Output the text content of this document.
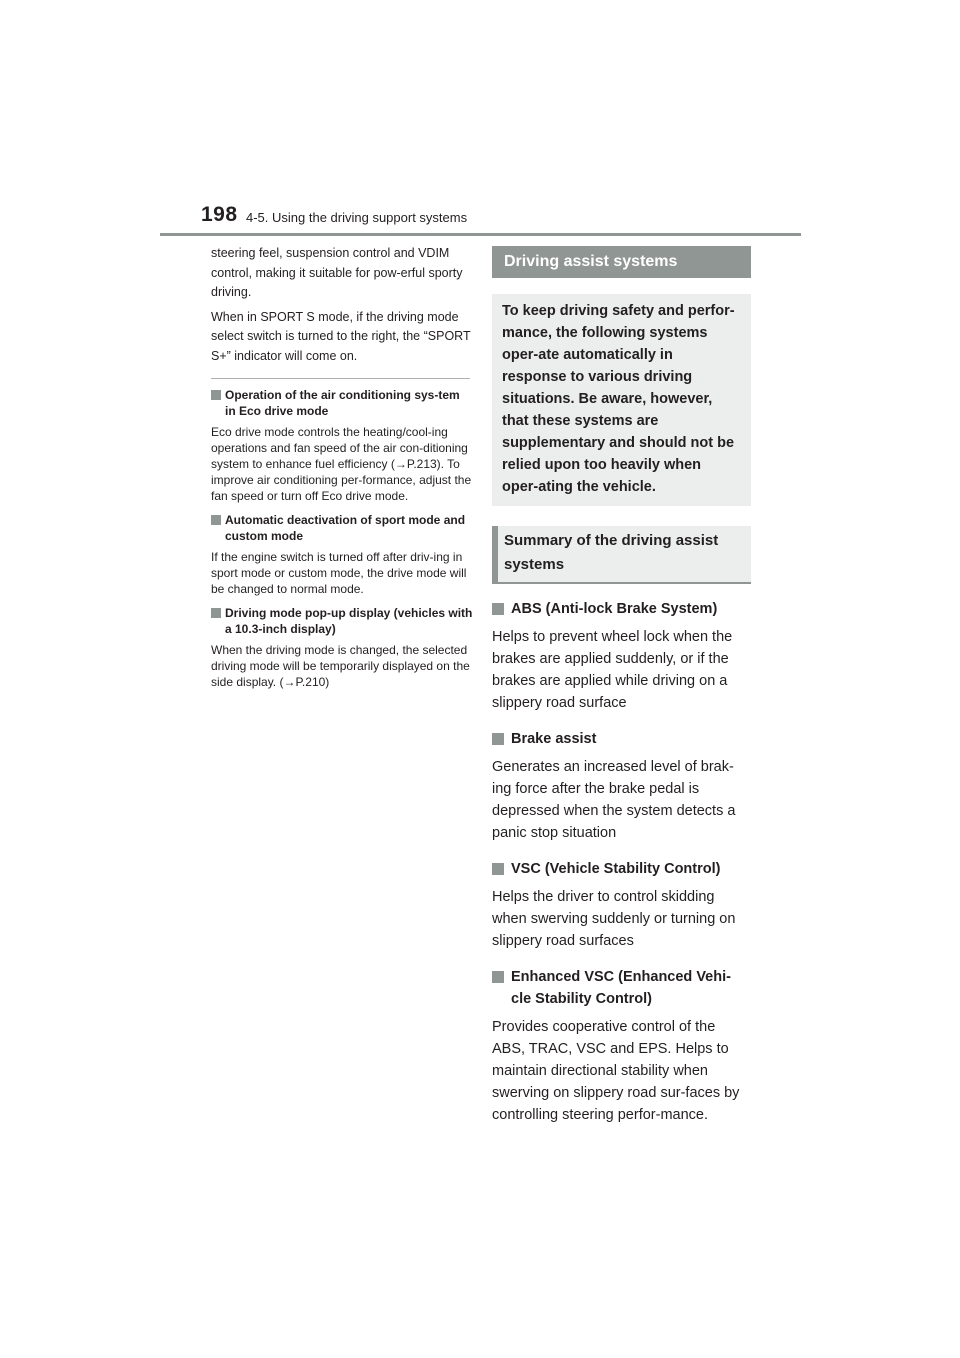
198 4-5. Using the driving support systems

steering feel, suspension control and VDIM control, making it suitable for pow-erful sporty driving.

When in SPORT S mode, if the driving mode select switch is turned to the right, the “SPORT S+” indicator will come on.

Operation of the air conditioning sys-tem in Eco drive mode
Eco drive mode controls the heating/cool-ing operations and fan speed of the air con-ditioning system to enhance fuel efficiency (→P.213). To improve air conditioning per-formance, adjust the fan speed or turn off Eco drive mode.
Automatic deactivation of sport mode and custom mode
If the engine switch is turned off after driv-ing in sport mode or custom mode, the drive mode will be changed to normal mode.
Driving mode pop-up display (vehicles with a 10.3-inch display)
When the driving mode is changed, the selected driving mode will be temporarily displayed on the side display. (→P.210)
Driving assist systems
To keep driving safety and perfor-mance, the following systems oper-ate automatically in response to various driving situations. Be aware, however, that these systems are supplementary and should not be relied upon too heavily when oper-ating the vehicle.
Summary of the driving assist systems
ABS (Anti-lock Brake System)
Helps to prevent wheel lock when the brakes are applied suddenly, or if the brakes are applied while driving on a slippery road surface
Brake assist
Generates an increased level of brak-ing force after the brake pedal is depressed when the system detects a panic stop situation
VSC (Vehicle Stability Control)
Helps the driver to control skidding when swerving suddenly or turning on slippery road surfaces
Enhanced VSC (Enhanced Vehi-cle Stability Control)
Provides cooperative control of the ABS, TRAC, VSC and EPS. Helps to maintain directional stability when swerving on slippery road sur-faces by controlling steering perfor-mance.
